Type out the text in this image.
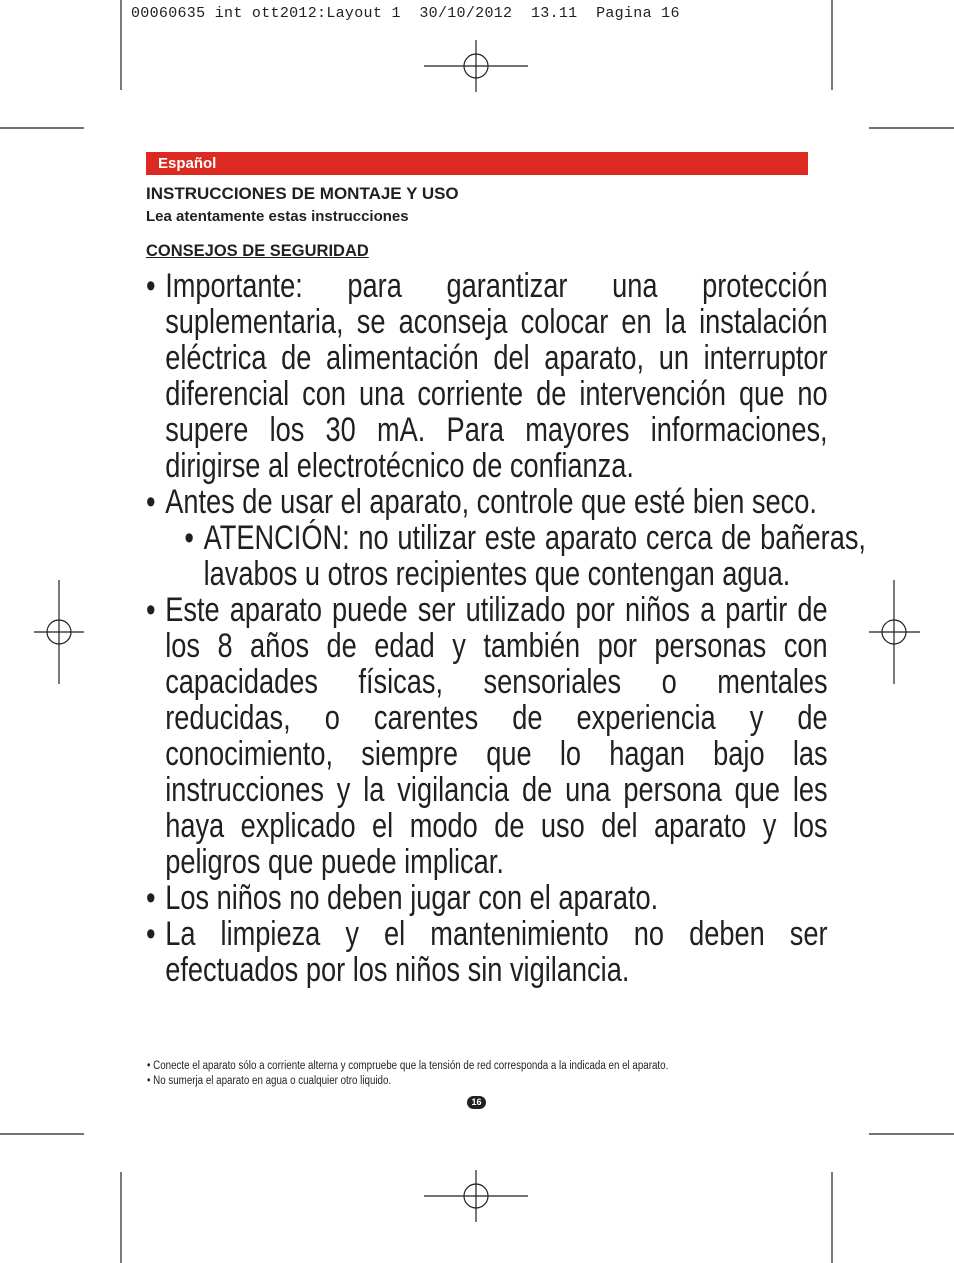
00060635 int ott2012:Layout 1  30/10/2012  13.11  Pagina 16
Español
INSTRUCCIONES DE MONTAJE Y USO
Lea atentamente estas instrucciones
CONSEJOS DE SEGURIDAD
• Importante: para garantizar una protección suplementaria, se aconseja colocar en la instalación eléctrica de alimentación del aparato, un interruptor diferencial con una corriente de intervención que no supere los 30 mA. Para mayores informaciones, dirigirse al electrotécnico de confianza.
• Antes de usar el aparato, controle que esté bien seco.
• ATENCIÓN: no utilizar este aparato cerca de bañeras, lavabos u otros recipientes que contengan agua.
• Este aparato puede ser utilizado por niños a partir de los 8 años de edad y también por personas con capacidades físicas, sensoriales o mentales reducidas, o carentes de experiencia y de conocimiento, siempre que lo hagan bajo las instrucciones y la vigilancia de una persona que les haya explicado el modo de uso del aparato y los peligros que puede implicar.
• Los niños no deben jugar con el aparato.
• La limpieza y el mantenimiento no deben ser efectuados por los niños sin vigilancia.
• Conecte el aparato sólo a corriente alterna y compruebe que la tensión de red corresponda a la indicada en el aparato.
• No sumerja el aparato en agua o cualquier otro liquido.
16
